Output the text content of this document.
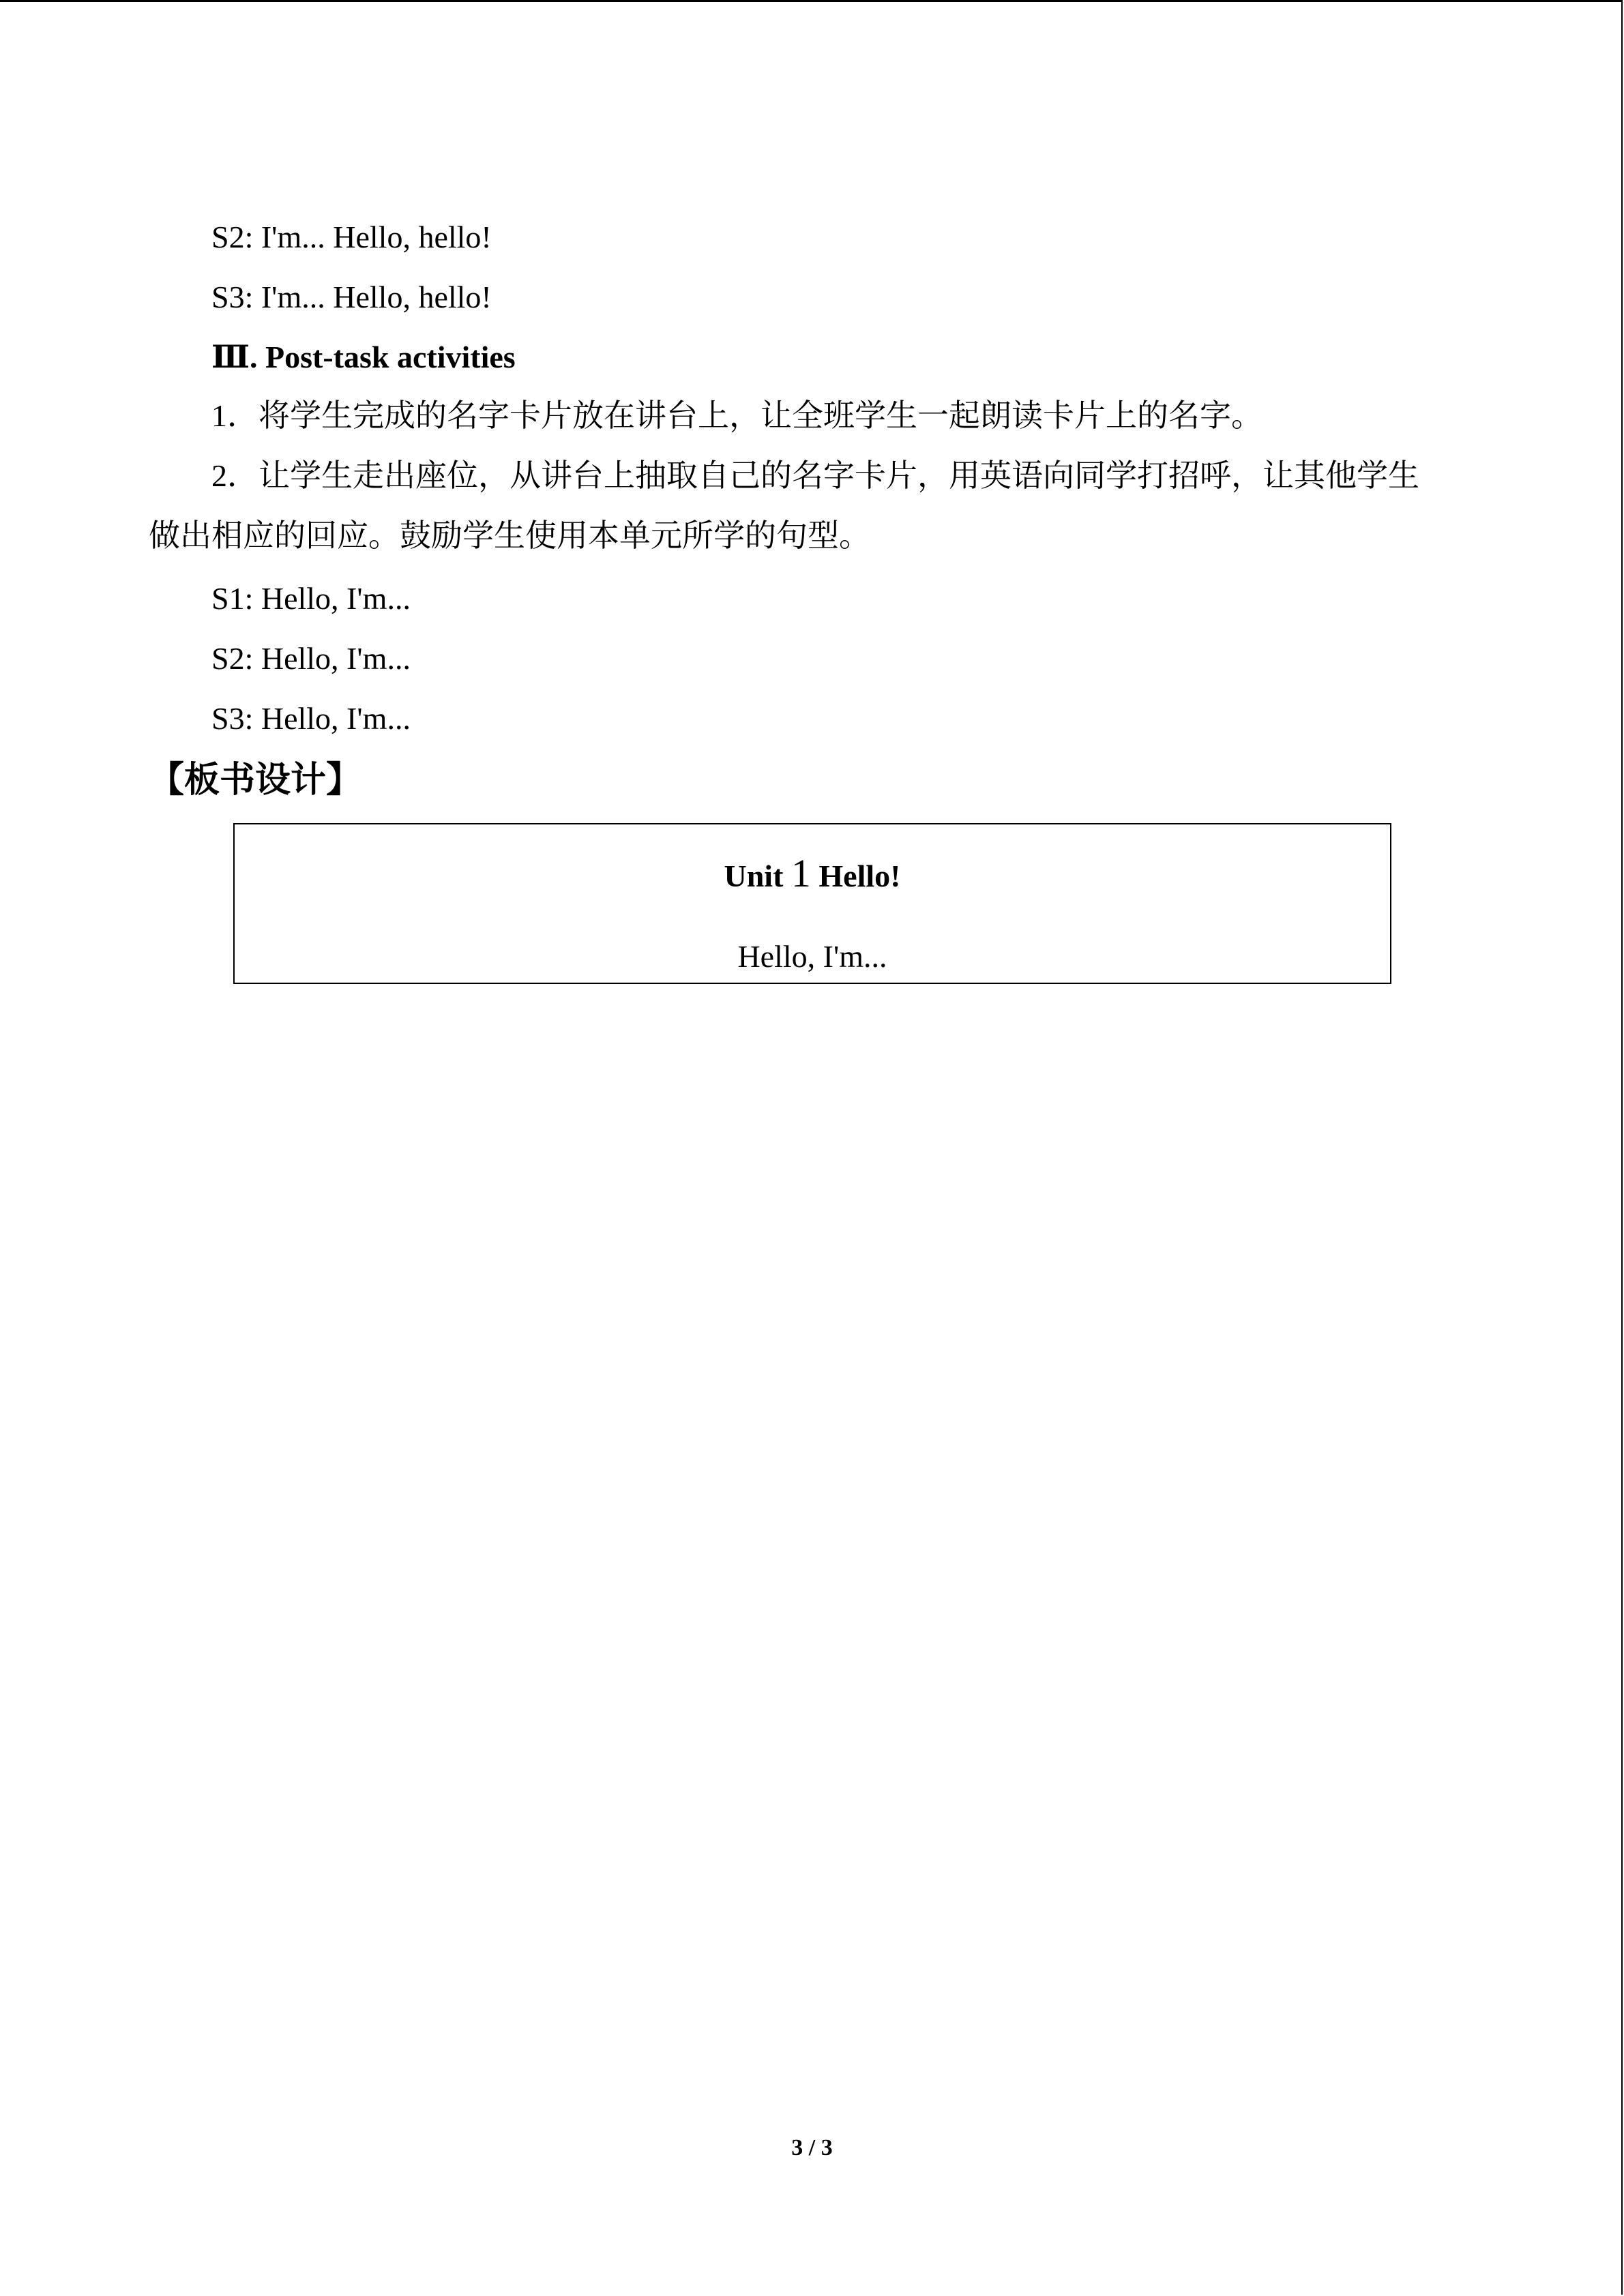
S2: I'm... Hello, hello!
S3: I'm... Hello, hello!
Ⅲ. Post-task activities
1．将学生完成的名字卡片放在讲台上，让全班学生一起朗读卡片上的名字。
2．让学生走出座位，从讲台上抽取自己的名字卡片，用英语向同学打招呼，让其他学生
做出相应的回应。鼓励学生使用本单元所学的句型。
S1: Hello, I'm...
S2: Hello, I'm...
S3: Hello, I'm...
【板书设计】
Unit 1 Hello!
Hello, I'm...
3 / 3
